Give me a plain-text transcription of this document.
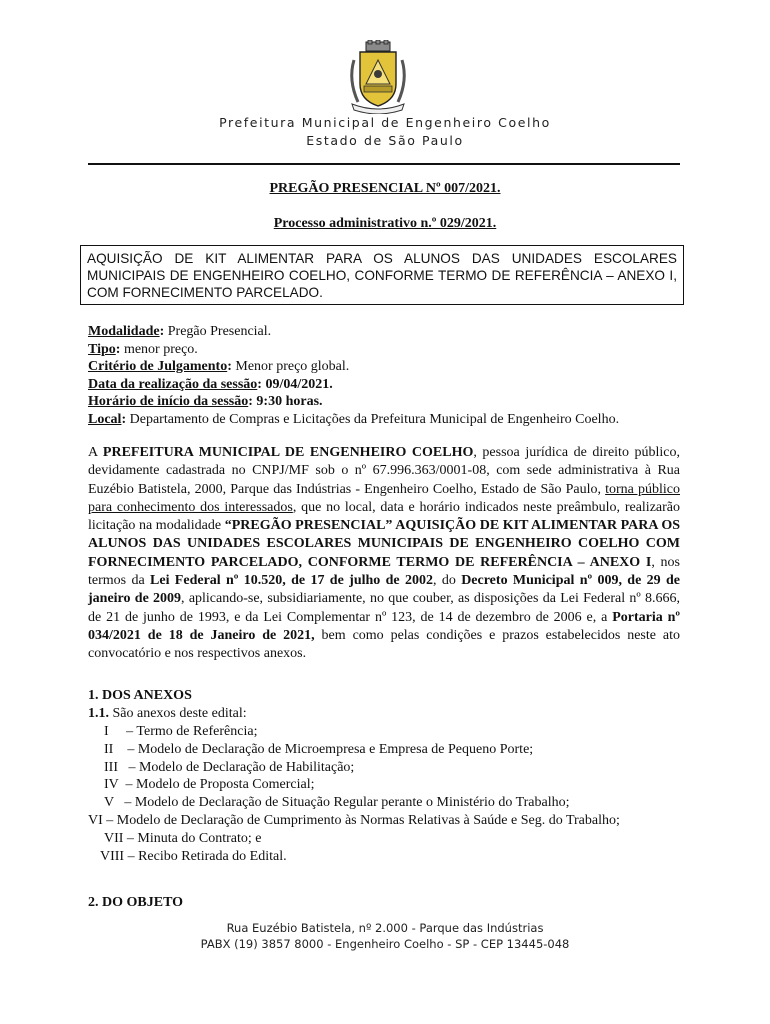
Prefeitura Municipal de Engenheiro Coelho
Estado de São Paulo
PREGÃO PRESENCIAL Nº 007/2021.
Processo administrativo n.º 029/2021.
AQUISIÇÃO DE KIT ALIMENTAR PARA OS ALUNOS DAS UNIDADES ESCOLARES MUNICIPAIS DE ENGENHEIRO COELHO, CONFORME TERMO DE REFERÊNCIA – ANEXO I, COM FORNECIMENTO PARCELADO.
Modalidade: Pregão Presencial.
Tipo: menor preço.
Critério de Julgamento: Menor preço global.
Data da realização da sessão: 09/04/2021.
Horário de início da sessão: 9:30 horas.
Local: Departamento de Compras e Licitações da Prefeitura Municipal de Engenheiro Coelho.
A PREFEITURA MUNICIPAL DE ENGENHEIRO COELHO, pessoa jurídica de direito público, devidamente cadastrada no CNPJ/MF sob o nº 67.996.363/0001-08, com sede administrativa à Rua Euzébio Batistela, 2000, Parque das Indústrias - Engenheiro Coelho, Estado de São Paulo, torna público para conhecimento dos interessados, que no local, data e horário indicados neste preâmbulo, realizarão licitação na modalidade “PREGÃO PRESENCIAL” AQUISIÇÃO DE KIT ALIMENTAR PARA OS ALUNOS DAS UNIDADES ESCOLARES MUNICIPAIS DE ENGENHEIRO COELHO COM FORNECIMENTO PARCELADO, CONFORME TERMO DE REFERÊNCIA – ANEXO I, nos termos da Lei Federal nº 10.520, de 17 de julho de 2002, do Decreto Municipal nº 009, de 29 de janeiro de 2009, aplicando-se, subsidiariamente, no que couber, as disposições da Lei Federal nº 8.666, de 21 de junho de 1993, e da Lei Complementar nº 123, de 14 de dezembro de 2006 e, a Portaria nº 034/2021 de 18 de Janeiro de 2021, bem como pelas condições e prazos estabelecidos neste ato convocatório e nos respectivos anexos.
1. DOS ANEXOS
1.1. São anexos deste edital:
I     – Termo de Referência;
II    – Modelo de Declaração de Microempresa e Empresa de Pequeno Porte;
III   – Modelo de Declaração de Habilitação;
IV  – Modelo de Proposta Comercial;
V   – Modelo de Declaração de Situação Regular perante o Ministério do Trabalho;
VI – Modelo de Declaração de Cumprimento às Normas Relativas à Saúde e Seg. do Trabalho;
VII – Minuta do Contrato; e
VIII – Recibo Retirada do Edital.
2. DO OBJETO
Rua Euzébio Batistela, nº 2.000 - Parque das Indústrias
PABX (19) 3857 8000 - Engenheiro Coelho - SP - CEP 13445-048
